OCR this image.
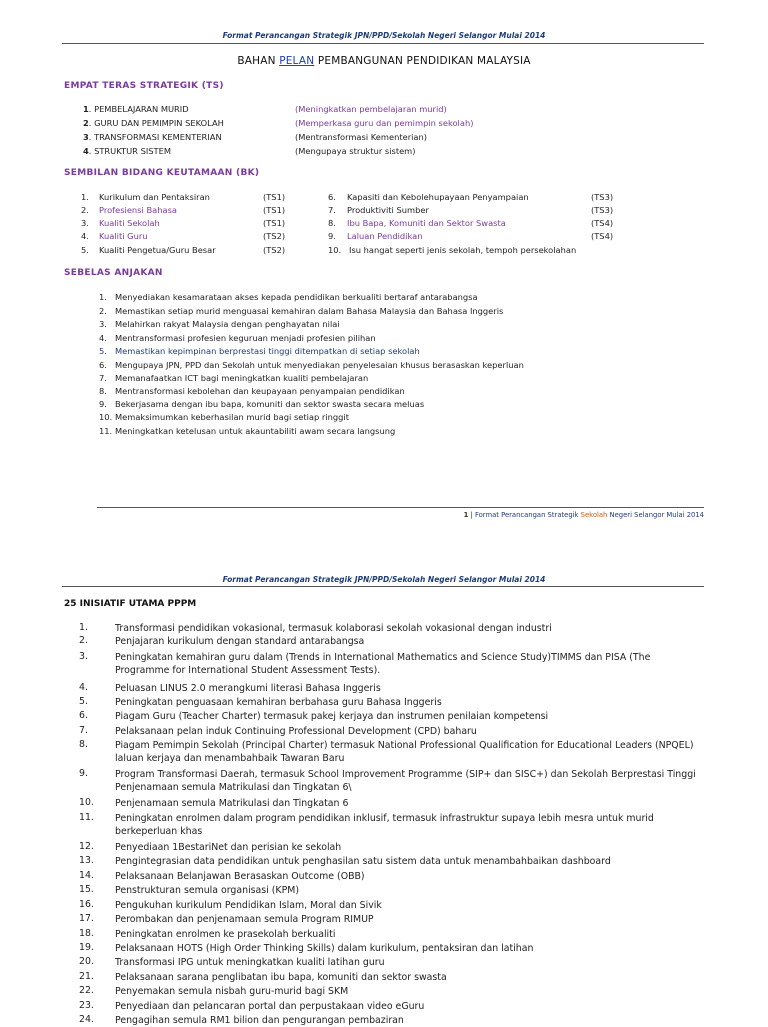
Format Perancangan Strategik JPN/PPD/Sekolah Negeri Selangor Mulai 2014
BAHAN PELAN PEMBANGUNAN PENDIDIKAN MALAYSIA
EMPAT TERAS STRATEGIK (TS)
1. PEMBELAJARAN MURID	(Meningkatkan pembelajaran murid)
2. GURU DAN PEMIMPIN SEKOLAH	(Memperkasa guru dan pemimpin sekolah)
3. TRANSFORMASI KEMENTERIAN	(Mentransformasi Kementerian)
4. STRUKTUR SISTEM	(Mengupaya struktur sistem)
SEMBILAN BIDANG KEUTAMAAN (BK)
1. Kurikulum dan Pentaksiran	(TS1)
2. Profesiensi Bahasa	(TS1)
3. Kualiti Sekolah	(TS1)
4. Kualiti Guru	(TS2)
5. Kualiti Pengetua/Guru Besar	(TS2)
6. Kapasiti dan Kebolehupayaan Penyampaian	(TS3)
7. Produktiviti Sumber	(TS3)
8. Ibu Bapa, Komuniti dan Sektor Swasta	(TS4)
9. Laluan Pendidikan	(TS4)
10. Isu hangat seperti jenis sekolah, tempoh persekolahan
SEBELAS ANJAKAN
1. Menyediakan kesamarataan akses kepada pendidikan berkualiti bertaraf antarabangsa
2. Memastikan setiap murid menguasai kemahiran dalam Bahasa Malaysia dan Bahasa Inggeris
3. Melahirkan rakyat Malaysia dengan penghayatan nilai
4. Mentransformasi profesien keguruan menjadi profesien pilihan
5. Memastikan kepimpinan berprestasi tinggi ditempatkan di setiap sekolah
6. Mengupaya JPN, PPD dan Sekolah untuk menyediakan penyelesaian khusus berasaskan keperluan
7. Memanafaatkan ICT bagi meningkatkan kualiti pembelajaran
8. Mentransformasi kebolehan dan keupayaan penyampaian pendidikan
9. Bekerjasama dengan ibu bapa, komuniti dan sektor swasta secara meluas
10. Memaksimumkan keberhasilan murid bagi setiap ringgit
11. Meningkatkan ketelusan untuk akauntabiliti awam secara langsung
1 | Format Perancangan Strategik Sekolah Negeri Selangor Mulai 2014
Format Perancangan Strategik JPN/PPD/Sekolah Negeri Selangor Mulai 2014
25 INISIATIF UTAMA PPPM
1.	Transformasi pendidikan vokasional, termasuk kolaborasi sekolah vokasional dengan industri
2.	Penjajaran kurikulum dengan standard antarabangsa
3.	Peningkatan kemahiran guru dalam (Trends in International Mathematics and Science Study)TIMMS dan PISA (The Programme for International Student Assessment Tests).
4.	Peluasan LINUS 2.0 merangkumi literasi Bahasa Inggeris
5.	Peningkatan penguasaan kemahiran berbahasa guru Bahasa Inggeris
6.	Piagam Guru (Teacher Charter) termasuk pakej kerjaya dan instrumen penilaian kompetensi
7.	Pelaksanaan pelan induk Continuing Professional Development (CPD) baharu
8.	Piagam Pemimpin Sekolah (Principal Charter) termasuk National Professional Qualification for Educational Leaders (NPQEL) laluan kerjaya dan menambahbaik Tawaran Baru
9.	Program Transformasi Daerah, termasuk School Improvement Programme (SIP+ dan SISC+) dan Sekolah Berprestasi Tinggi Penjenamaan semula Matrikulasi dan Tingkatan 6\
10. Penjenamaan semula Matrikulasi dan Tingkatan 6
11. Peningkatan enrolmen dalam program pendidikan inklusif, termasuk infrastruktur supaya lebih mesra untuk murid berkeperluan khas
12. Penyediaan 1BestariNet dan perisian ke sekolah
13. Pengintegrasian data pendidikan untuk penghasilan satu sistem data untuk menambahbaikan dashboard
14. Pelaksanaan Belanjawan Berasaskan Outcome (OBB)
15. Penstrukturan semula organisasi (KPM)
16. Pengukuhan kurikulum Pendidikan Islam, Moral dan Sivik
17. Perombakan dan penjenamaan semula Program RIMUP
18. Peningkatan enrolmen ke prasekolah berkualiti
19. Pelaksanaan HOTS (High Order Thinking Skills) dalam kurikulum, pentaksiran dan latihan
20. Transformasi IPG untuk meningkatkan kualiti latihan guru
21. Pelaksanaan sarana penglibatan ibu bapa, komuniti dan sektor swasta
22. Penyemakan semula nisbah guru-murid bagi SKM
23. Penyediaan dan pelancaran portal dan perpustakaan video eGuru
24. Pengagihan semula RM1 bilion dan pengurangan pembaziran
